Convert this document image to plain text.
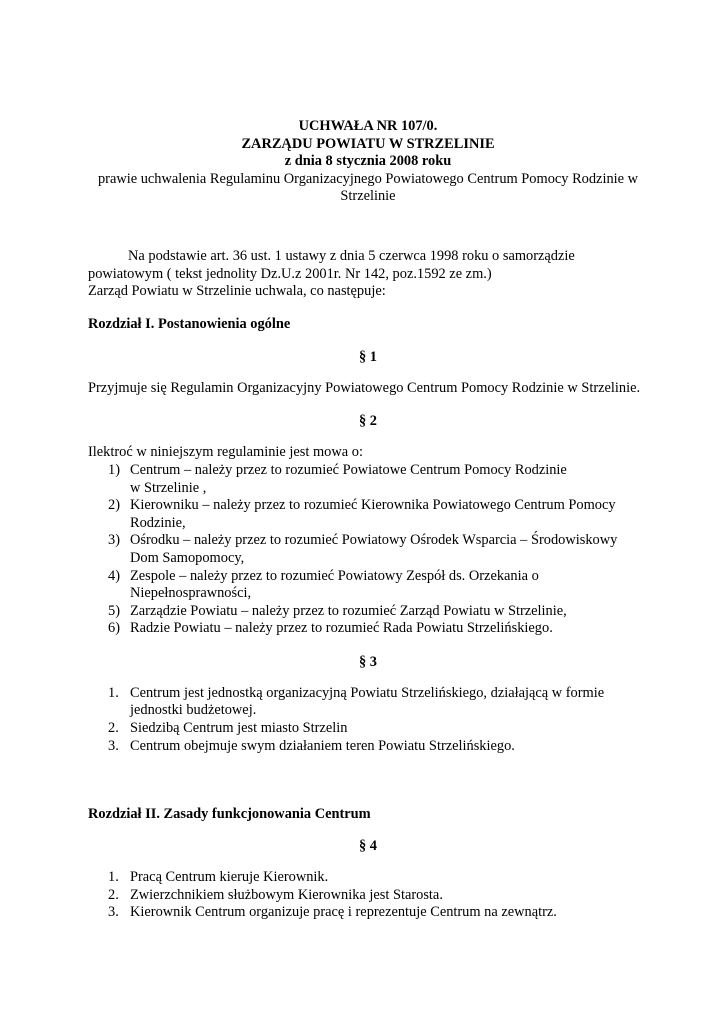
UCHWAŁA NR 107/0.
ZARZĄDU POWIATU W STRZELINIE
z dnia 8 stycznia 2008 roku
prawie uchwalenia Regulaminu Organizacyjnego Powiatowego Centrum Pomocy Rodzinie w Strzelinie
Na podstawie art. 36 ust. 1 ustawy z dnia 5 czerwca 1998 roku o samorządzie powiatowym ( tekst jednolity Dz.U.z 2001r. Nr 142, poz.1592 ze zm.)
Zarząd Powiatu w Strzelinie uchwala, co następuje:
Rozdział I. Postanowienia ogólne
§ 1
Przyjmuje się Regulamin Organizacyjny Powiatowego Centrum Pomocy Rodzinie w Strzelinie.
§ 2
Ilektroć w niniejszym regulaminie jest mowa o:
1) Centrum – należy przez to rozumieć Powiatowe Centrum Pomocy Rodzinie
w Strzelinie ,
2) Kierowniku – należy przez to rozumieć Kierownika Powiatowego Centrum Pomocy
Rodzinie,
3) Ośrodku – należy przez to rozumieć Powiatowy Ośrodek Wsparcia – Środowiskowy
Dom Samopomocy,
4) Zespole – należy przez to rozumieć Powiatowy Zespół ds. Orzekania o
Niepełnosprawności,
5) Zarządzie Powiatu – należy przez to rozumieć Zarząd Powiatu w Strzelinie,
6) Radzie Powiatu – należy przez to rozumieć Rada Powiatu Strzelińskiego.
§ 3
1. Centrum jest jednostką organizacyjną Powiatu Strzelińskiego, działającą w formie
jednostki budżetowej.
2. Siedzibą Centrum jest miasto Strzelin
3. Centrum obejmuje swym działaniem teren Powiatu Strzelińskiego.
Rozdział II. Zasady funkcjonowania Centrum
§ 4
1. Pracą Centrum kieruje Kierownik.
2. Zwierzchnikiem służbowym Kierownika jest Starosta.
3. Kierownik Centrum organizuje pracę i reprezentuje Centrum na zewnątrz.
